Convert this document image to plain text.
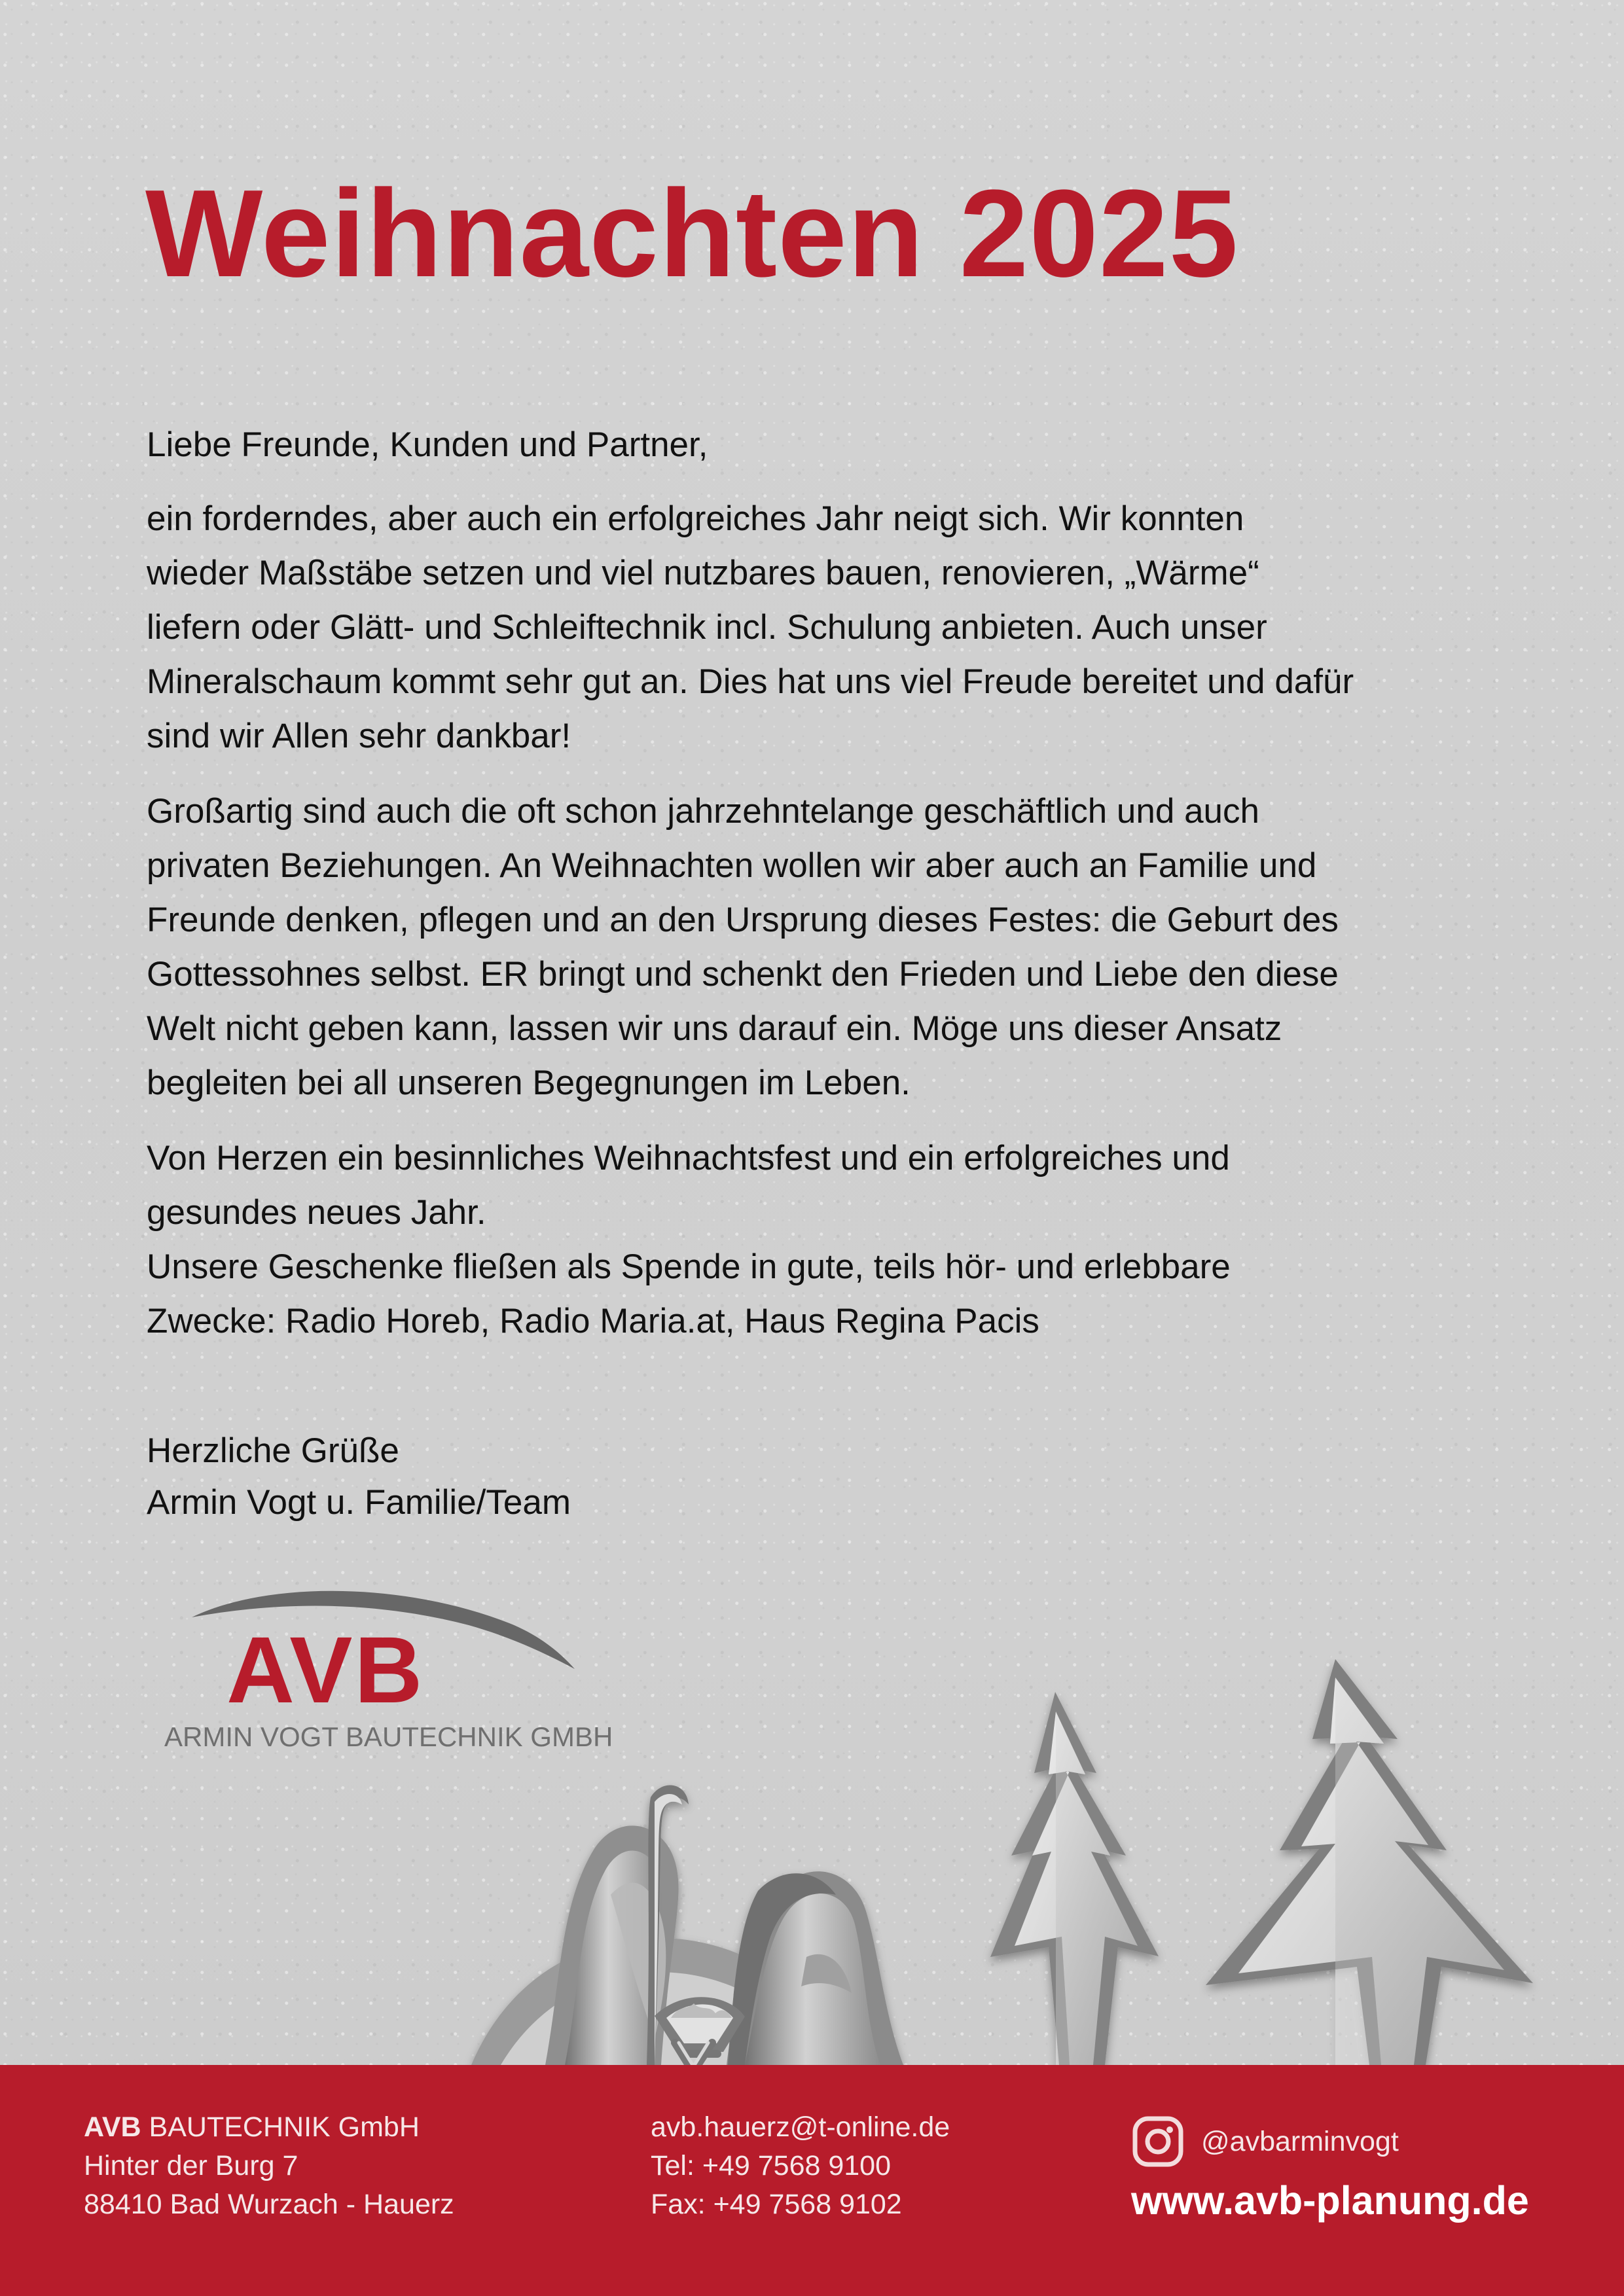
Weihnachten 2025

Liebe Freunde, Kunden und Partner,

ein forderndes, aber auch ein erfolgreiches Jahr neigt sich. Wir konnten
wieder Maßstäbe setzen und viel nutzbares bauen, renovieren, „Wärme“
liefern oder Glätt- und Schleiftechnik incl. Schulung anbieten. Auch unser
Mineralschaum kommt sehr gut an. Dies hat uns viel Freude bereitet und dafür
sind wir Allen sehr dankbar!

Großartig sind auch die oft schon jahrzehntelange geschäftlich und auch
privaten Beziehungen. An Weihnachten wollen wir aber auch an Familie und
Freunde denken, pflegen und an den Ursprung dieses Festes: die Geburt des
Gottessohnes selbst. ER bringt und schenkt den Frieden und Liebe den diese
Welt nicht geben kann, lassen wir uns darauf ein. Möge uns dieser Ansatz
begleiten bei all unseren Begegnungen im Leben.

Von Herzen ein besinnliches Weihnachtsfest und ein erfolgreiches und
gesundes neues Jahr.
Unsere Geschenke fließen als Spende in gute, teils hör- und erlebbare
Zwecke: Radio Horeb, Radio Maria.at, Haus Regina Pacis

Herzliche Grüße
Armin Vogt u. Familie/Team
AVB
ARMIN VOGT BAUTECHNIK GMBH
AVB BAUTECHNIK GmbH
Hinter der Burg 7
88410 Bad Wurzach - Hauerz
avb.hauerz@t-online.de
Tel: +49 7568 9100
Fax: +49 7568 9102
@avbarminvogt
www.avb-planung.de
